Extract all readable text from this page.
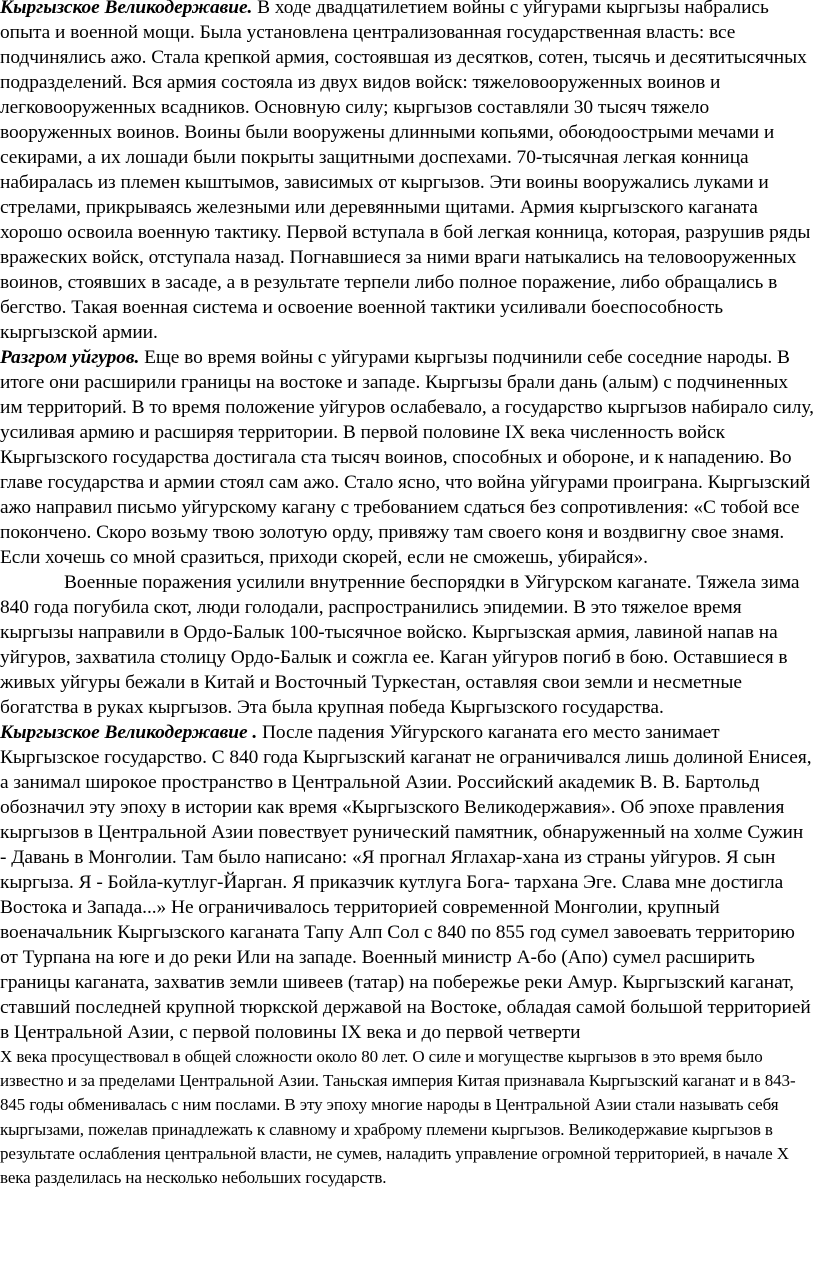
Кыргызское Великодержавие. В ходе двадцатилетием войны с уйгурами кыргызы набрались опыта и военной мощи. Была установлена централизованная государственная власть: все подчинялись ажо. Стала крепкой армия, состоявшая из десятков, сотен, тысячь и десятитысячных подразделений. Вся армия состояла из двух видов войск: тяжеловооруженных воинов и легковооруженных всадников. Основную силу; кыргызов составляли 30 тысяч тяжело вооруженных воинов. Воины были вооружены длинными копьями, обоюдоострыми мечами и секирами, а их лошади были покрыты защитными доспехами. 70-тысячная легкая конница набиралась из племен кыштымов, зависимых от кыргызов. Эти воины вооружались луками и стрелами, прикрываясь железными или деревянными щитами. Армия кыргызского каганата хорошо освоила военную тактику. Первой вступала в бой легкая конница, которая, разрушив ряды вражеских войск, отступала назад. Погнавшиеся за ними враги натыкались на теловооруженных воинов, стоявших в засаде, а в результате терпели либо полное поражение, либо обращались в бегство. Такая военная система и освоение военной тактики усиливали боеспособность кыргызской армии.

Разгром уйгуров. Еще во время войны с уйгурами кыргызы подчинили себе соседние народы. В итоге они расширили границы на востоке и западе. Кыргызы брали дань (алым) с подчиненных им территорий. В то время положение уйгуров ослабевало, а государство кыргызов набирало силу, усиливая армию и расширяя территории. В первой половине IX века численность войск Кыргызского государства достигала ста тысяч воинов, способных и обороне, и к нападению. Во главе государства и армии стоял сам ажо. Стало ясно, что война уйгурами проиграна. Кыргызский ажо направил письмо уйгурскому кагану с требованием сдаться без сопротивления: «С тобой все покончено. Скоро возьму твою золотую орду, привяжу там своего коня и воздвигну свое знамя. Если хочешь со мной сразиться, приходи скорей, если не сможешь, убирайся».

Военные поражения усилили внутренние беспорядки в Уйгурском каганате. Тяжела зима 840 года погубила скот, люди голодали, распространились эпидемии. В это тяжелое время кыргызы направили в Ордо-Балык 100-тысячное войско. Кыргызская армия, лавиной напав на уйгуров, захватила столицу Ордо-Балык и сожгла ее. Каган уйгуров погиб в бою. Оставшиеся в живых уйгуры бежали в Китай и Восточный Туркестан, оставляя свои земли и несметные богатства в руках кыргызов. Эта была крупная победа Кыргызского государства.

Кыргызское Великодержавие . После падения Уйгурского каганата его место занимает Кыргызское государство. С 840 года Кыргызский каганат не ограничивался лишь долиной Енисея, а занимал широкое пространство в Центральной Азии. Российский академик В. В. Бартольд обозначил эту эпоху в истории как время «Кыргызского Великодержавия». Об эпохе правления кыргызов в Центральной Азии повествует рунический памятник, обнаруженный на холме Сужин - Давань в Монголии. Там было написано: «Я прогнал Яглахар-хана из страны уйгуров. Я сын кыргыза. Я - Бойла-кутлуг-Йарган. Я приказчик кутлуга Бога- тархана Эге. Слава мне достигла Востока и Запада...» Не ограничивалось территорией современной Монголии, крупный военачальник Кыргызского каганата Тапу Алп Сол с 840 по 855 год сумел завоевать территорию от Турпана на юге и до реки Или на западе. Военный министр А-бо (Апо) сумел расширить

границы каганата, захватив земли шивеев (татар) на побережье реки Амур. Кыргызский каганат, ставший последней крупной тюркской державой на Востоке, обладая самой большой территорией в Центральной Азии, с первой половины IX века и до первой четверти

X века просуществовал в общей сложности около 80 лет. О силе и могуществе кыргызов в это время было известно и за пределами Центральной Азии. Таньская империя Китая признавала Кыргызский каганат и в 843-845 годы обменивалась с ним послами. В эту эпоху многие народы в Центральной Азии стали называть себя кыргызами, пожелав принадлежать к славному и храброму племени кыргызов. Великодержавие кыргызов в результате ослабления центральной власти, не сумев, наладить управление огромной территорией, в начале X века разделилась на несколько небольших государств.
